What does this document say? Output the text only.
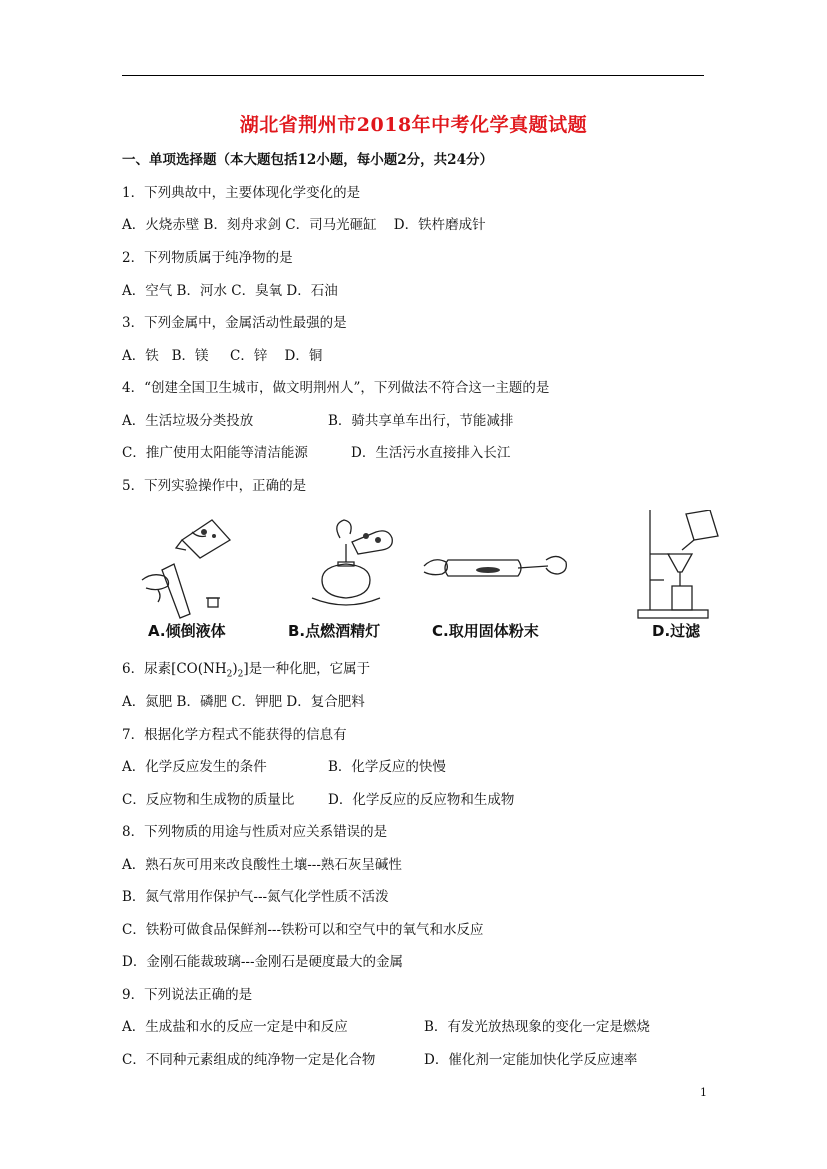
湖北省荆州市2018年中考化学真题试题
一、单项选择题（本大题包括12小题，每小题2分，共24分）
1．下列典故中，主要体现化学变化的是
A．火烧赤壁 B．刻舟求剑 C．司马光砸缸    D．铁杵磨成针
2．下列物质属于纯净物的是
A．空气 B．河水 C．臭氧 D．石油
3．下列金属中，金属活动性最强的是
A．铁   B．镁     C．锌    D．铜
4．“创建全国卫生城市，做文明荆州人”，下列做法不符合这一主题的是
A．生活垃圾分类投放	B．骑共享单车出行，节能减排
C．推广使用太阳能等清洁能源	D．生活污水直接排入长江
5．下列实验操作中，正确的是
A.倾倒液体	B.点燃酒精灯	C.取用固体粉末	D.过滤
6．尿素$[CO(NH_2)_2]$是一种化肥，它属于
A．氮肥 B．磷肥 C．钾肥 D．复合肥料
7．根据化学方程式不能获得的信息有
A．化学反应发生的条件	B．化学反应的快慢
C．反应物和生成物的质量比 D．化学反应的反应物和生成物
8．下列物质的用途与性质对应关系错误的是
A．熟石灰可用来改良酸性土壤---熟石灰呈碱性
B．氮气常用作保护气---氮气化学性质不活泼
C．铁粉可做食品保鲜剂---铁粉可以和空气中的氧气和水反应
D．金刚石能裁玻璃---金刚石是硬度最大的金属
9．下列说法正确的是
A．生成盐和水的反应一定是中和反应	B．有发光放热现象的变化一定是燃烧
C．不同种元素组成的纯净物一定是化合物	D．催化剂一定能加快化学反应速率
1
